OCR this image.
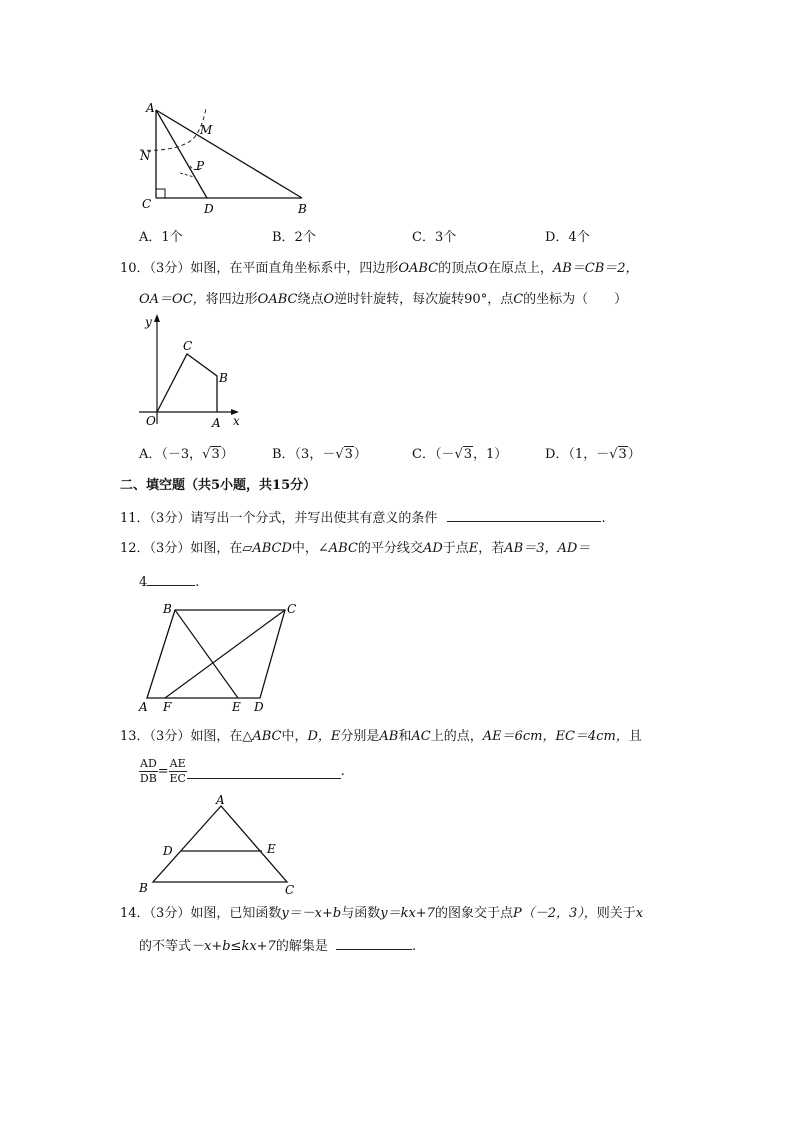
A
M
N
P
C	D	B
A．1个	B．2个	C．3个	D．4个
10．（3分）如图，在平面直角坐标系中，四边形OABC的顶点O在原点上，AB＝CB＝2，
OA＝OC，将四边形OABC绕点O逆时针旋转，每次旋转90°，点C的坐标为（　　）
y
C
B
O	A x
A．（－3，√3）	B．（3，－√3）	C．（－√3，1）	D．（1，－√3）
二、填空题（共5小题，共15分）
11．（3分）请写出一个分式，并写出使其有意义的条件	.
12．（3分）如图，在▱ABCD中，∠ABC的平分线交AD于点E，若AB＝3，AD＝
4	.
B	C
A F	E D
13．（3分）如图，在△ABC中，D，E分别是AB和AC上的点，AE＝6cm，EC＝4cm，且
$\frac{AD}{DB} = \frac{AE}{EC}$	.
A
D	E
B	C
14．（3分）如图，已知函数y＝－x+b与函数y＝kx+7的图象交于点P（－2，3），则关于x
的不等式－x+b≤kx+7的解集是	.
